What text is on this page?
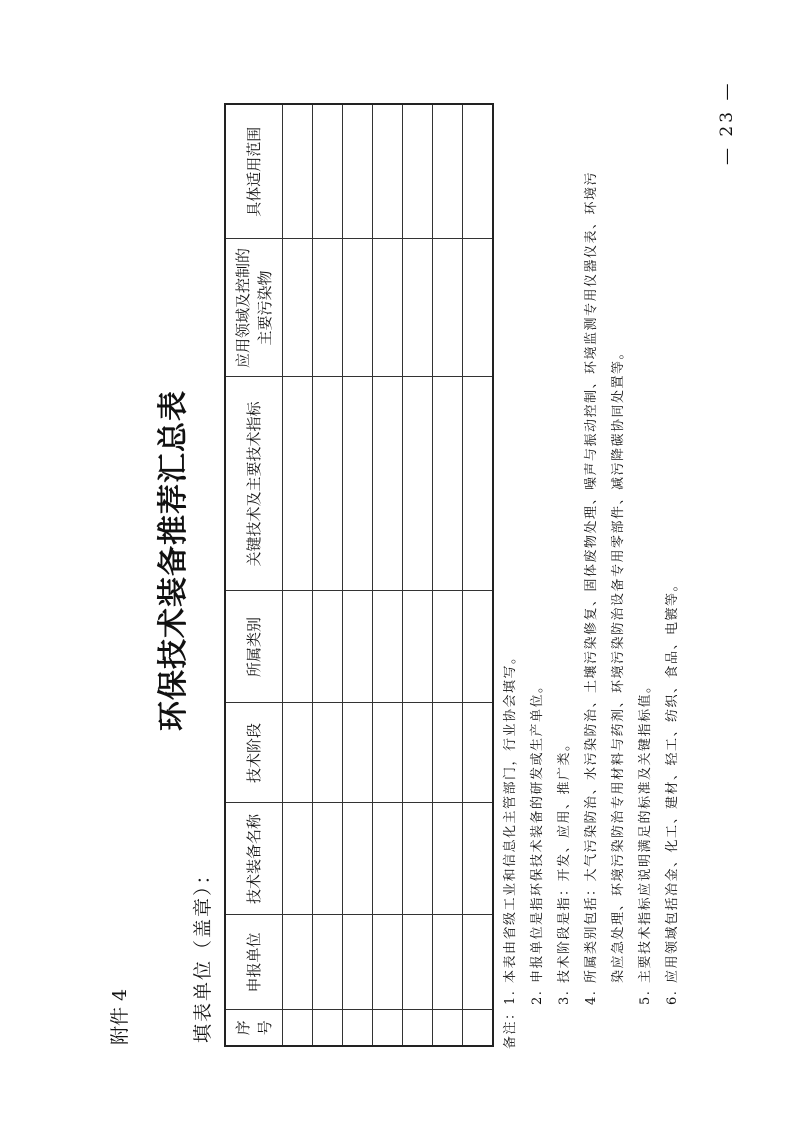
附件 4
环保技术装备推荐汇总表
填表单位（盖章）： 序号	申报单位	技术装备名称	技术阶段	所属类别	关键技术及主要技术指标	应用领域及控制的主要污染物	具体适用范围

备注：
1.
本表由省级工业和信息化主管部门，行业协会填写。
2.
申报单位是指环保技术装备的研发或生产单位。
3.
技术阶段是指：开发、应用、推广类。
4.
所属类别包括：大气污染防治、水污染防治、土壤污染修复、固体废物处理、噪声与振动控制、环境监测专用仪器仪表、环境污染应急处理、环境污染防治专用材料与药剂、环境污染防治设备专用零部件、减污降碳协同处置等。
5.
主要技术指标应说明满足的标准及关键指标值。
6.
应用领域包括冶金、化工、建材、轻工、纺织、食品、电镀等。
— 23 —
